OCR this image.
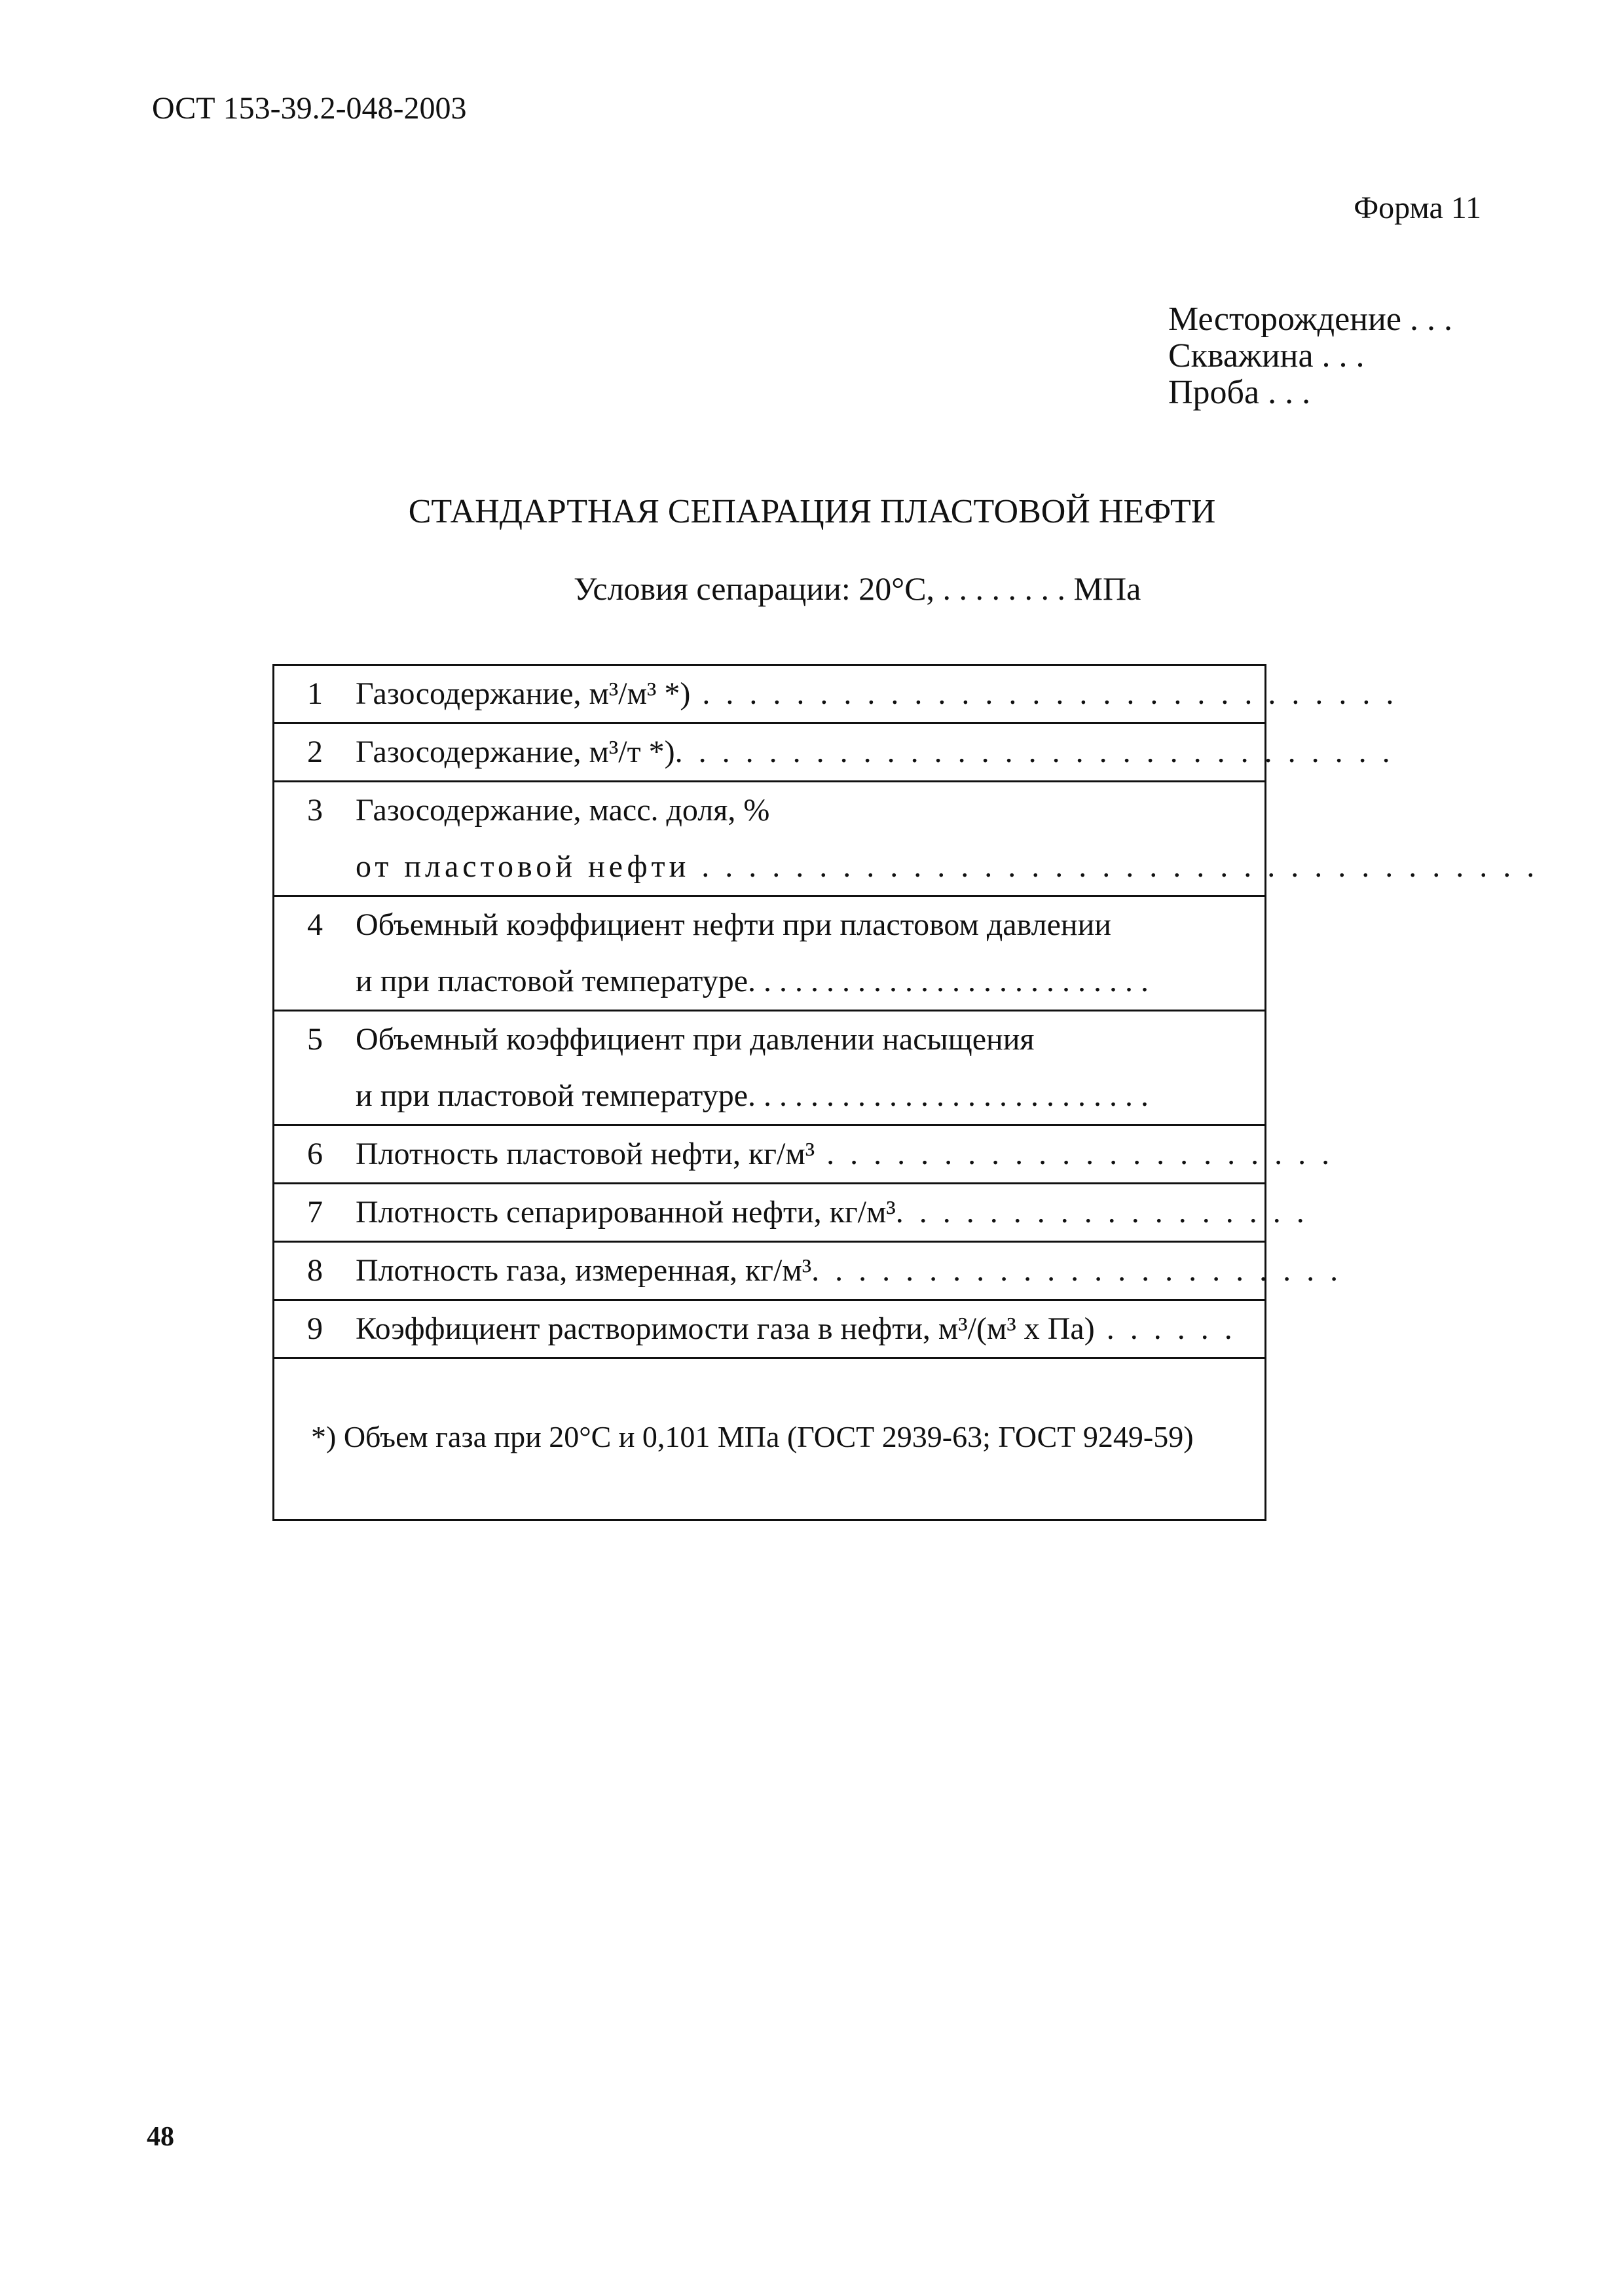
ОСТ 153-39.2-048-2003
Форма 11
Месторождение . . .
Скважина . . .
Проба . . .
СТАНДАРТНАЯ СЕПАРАЦИЯ ПЛАСТОВОЙ НЕФТИ
Условия сепарации: 20°С, . . . . . . . . МПа
1	Газосодержание, м³/м³ *) . . . . . . . . . . . . . . . . . . . . . . . . . . . . . .
2	Газосодержание, м³/т *). . . . . . . . . . . . . . . . . . . . . . . . . . . . . . .
3	Газосодержание, масс. доля, %
от пластовой нефти . . . . . . . . . . . . . . . . . . . . . . . . . . . . . . . . . . . .
4	Объемный коэффициент нефти при пластовом давлении
и при пластовой температуре. . . . . . . . . . . . . . . . . . . . . . . . . .
5	Объемный коэффициент при давлении насыщения
и при пластовой температуре. . . . . . . . . . . . . . . . . . . . . . . . . .
6	Плотность пластовой нефти, кг/м³ . . . . . . . . . . . . . . . . . . . . . .
7	Плотность сепарированной нефти, кг/м³. . . . . . . . . . . . . . . . . .
8	Плотность газа, измеренная, кг/м³. . . . . . . . . . . . . . . . . . . . . . .
9	Коэффициент растворимости газа в нефти, м³/(м³ х Па) . . . . . .
*) Объем газа при 20°С и 0,101 МПа (ГОСТ 2939-63; ГОСТ 9249-59)
48
